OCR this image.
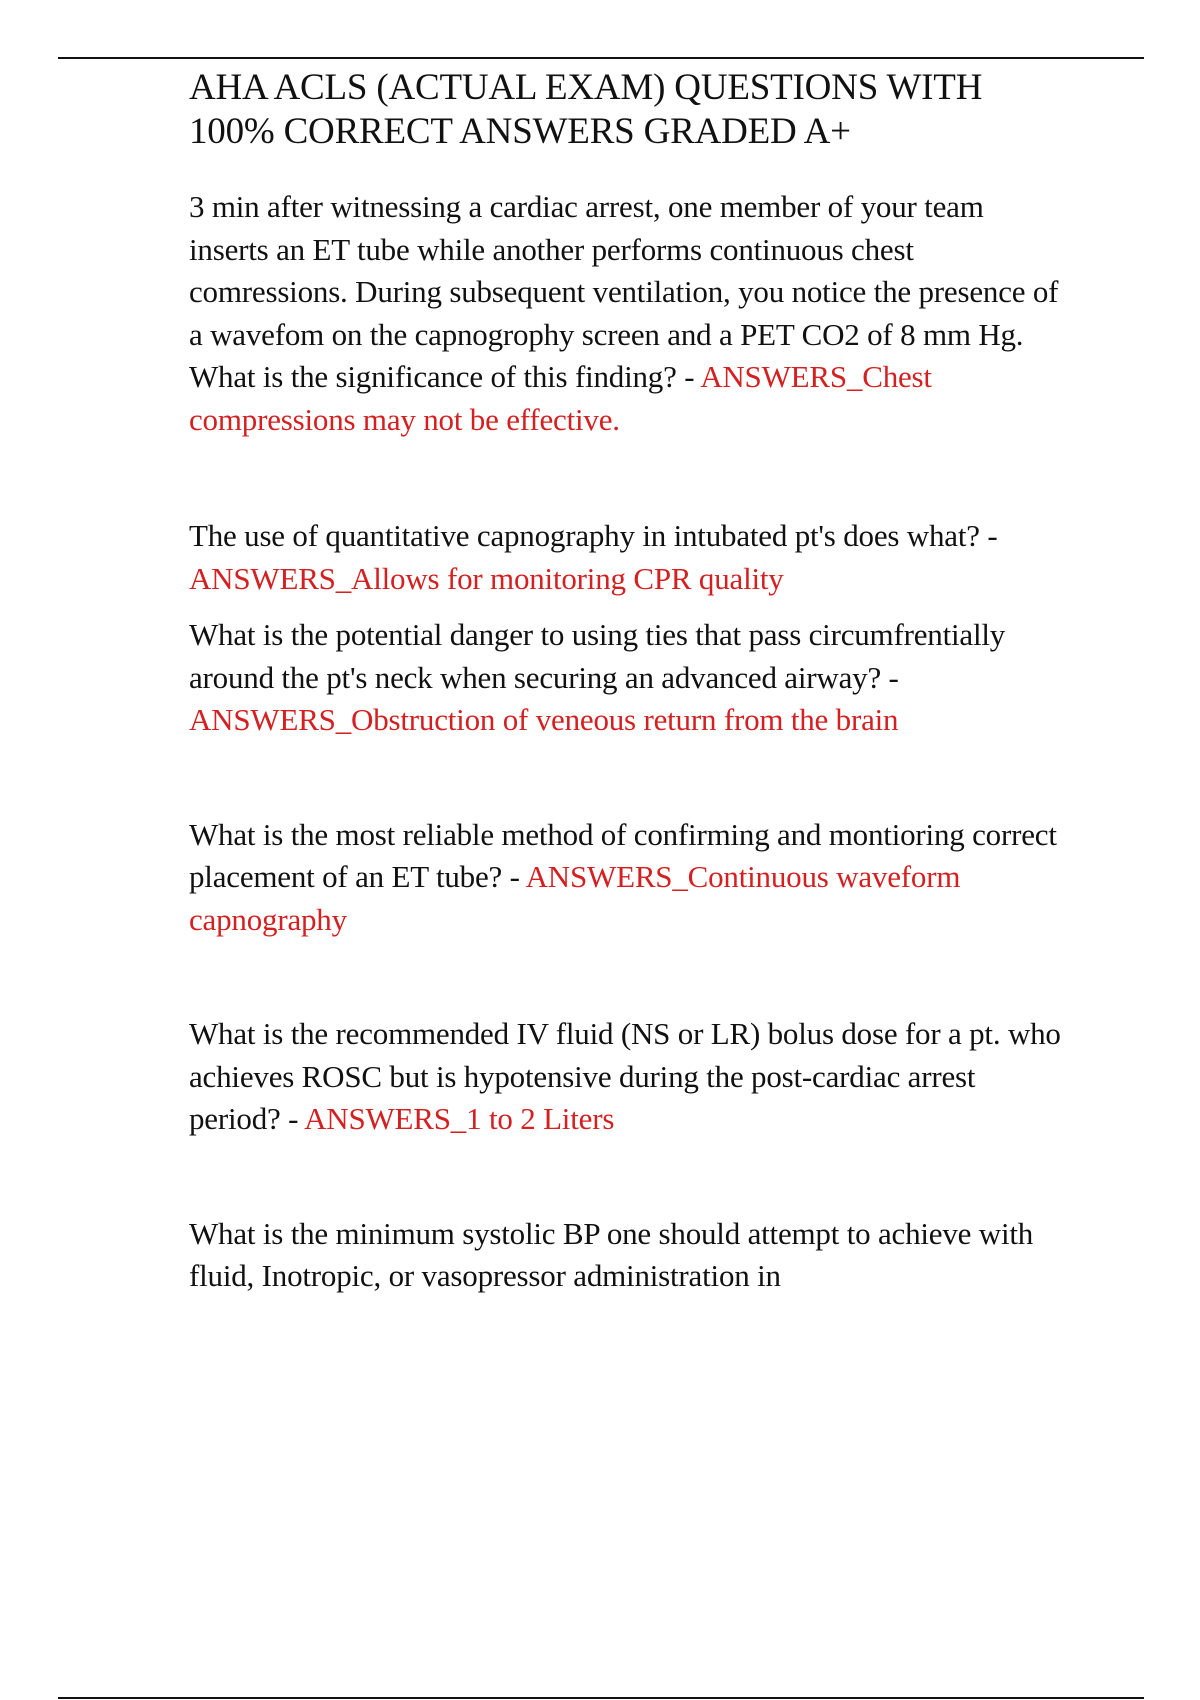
AHA ACLS (ACTUAL EXAM) QUESTIONS WITH 100% CORRECT ANSWERS GRADED A+

3 min after witnessing a cardiac arrest, one member of your team inserts an ET tube while another performs continuous chest comressions. During subsequent ventilation, you notice the presence of a wavefom on the capnogrophy screen and a PET CO2 of 8 mm Hg. What is the significance of this finding? - ANSWERS_Chest compressions may not be effective.

The use of quantitative capnography in intubated pt's does what? - ANSWERS_Allows for monitoring CPR quality

What is the potential danger to using ties that pass circumfrentially around the pt's neck when securing an advanced airway? - ANSWERS_Obstruction of veneous return from the brain

What is the most reliable method of confirming and montioring correct placement of an ET tube? - ANSWERS_Continuous waveform capnography

What is the recommended IV fluid (NS or LR) bolus dose for a pt. who achieves ROSC but is hypotensive during the post-cardiac arrest period? - ANSWERS_1 to 2 Liters

What is the minimum systolic BP one should attempt to achieve with fluid, Inotropic, or vasopressor administration in
